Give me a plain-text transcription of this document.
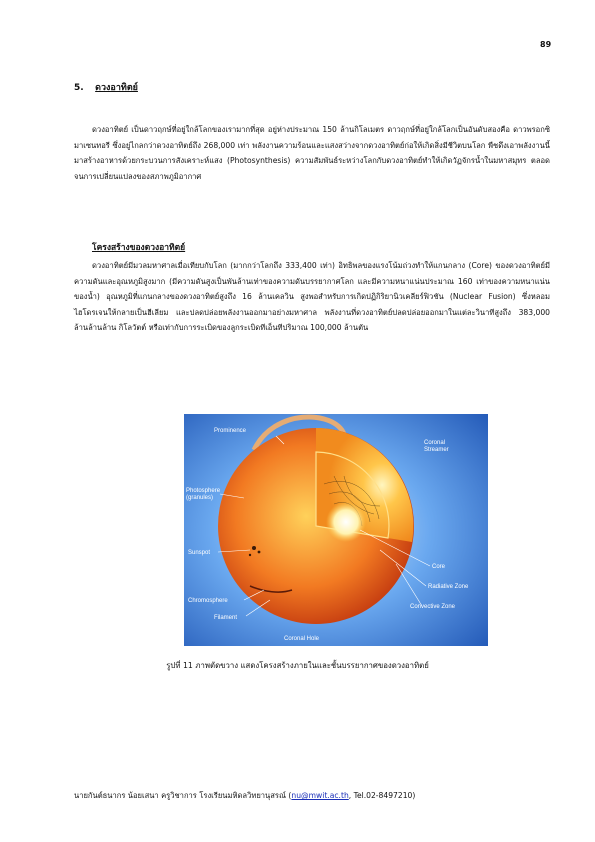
89
5. ดวงอาทิตย์
ดวงอาทิตย์ เป็นดาวฤกษ์ที่อยู่ใกล้โลกของเรามากที่สุด อยู่ห่างประมาณ 150 ล้านกิโลเมตร ดาวฤกษ์ที่อยู่ใกล้โลกเป็นอันดับสองคือ ดาวพรอกซิมาเซนทอรี ซึ่งอยู่ไกลกว่าดวงอาทิตย์ถึง 268,000 เท่า พลังงานความร้อนและแสงสว่างจากดวงอาทิตย์ก่อให้เกิดสิ่งมีชีวิตบนโลก พืชดึงเอาพลังงานนี้มาสร้างอาหารด้วยกระบวนการสังเคราะห์แสง (Photosynthesis) ความสัมพันธ์ระหว่างโลกกับดวงอาทิตย์ทำให้เกิดวัฏจักรน้ำในมหาสมุทร ตลอดจนการเปลี่ยนแปลงของสภาพภูมิอากาศ
โครงสร้างของดวงอาทิตย์
ดวงอาทิตย์มีมวลมหาศาลเมื่อเทียบกับโลก (มากกว่าโลกถึง 333,400 เท่า) อิทธิพลของแรงโน้มถ่วงทำให้แกนกลาง (Core) ของดวงอาทิตย์มีความดันและอุณหภูมิสูงมาก (มีความดันสูงเป็นพันล้านเท่าของความดันบรรยากาศโลก และมีความหนาแน่นประมาณ 160 เท่าของความหนาแน่นของน้ำ) อุณหภูมิที่แกนกลางของดวงอาทิตย์สูงถึง 16 ล้านเคลวิน สูงพอสำหรับการเกิดปฏิกิริยานิวเคลียร์ฟิวชัน (Nuclear Fusion) ซึ่งหลอมไฮโดรเจนให้กลายเป็นฮีเลียม และปลดปล่อยพลังงานออกมาอย่างมหาศาล พลังงานที่ดวงอาทิตย์ปลดปล่อยออกมาในแต่ละวินาทีสูงถึง 383,000 ล้านล้านล้าน กิโลวัตต์ หรือเท่ากับการระเบิดของลูกระเบิดทีเอ็นทีปริมาณ 100,000 ล้านตัน
Prominence
Coronal Streamer
Photosphere (granules)
Sunspot
Chromosphere
Filament
Core
Radiative Zone
Convective Zone
Coronal Hole
รูปที่ 11 ภาพตัดขวาง แสดงโครงสร้างภายในและชั้นบรรยากาศของดวงอาทิตย์
นายกันต์ธนากร น้อยเสนา ครูวิชาการ โรงเรียนมหิดลวิทยานุสรณ์ (nu@mwit.ac.th, Tel.02-8497210)
